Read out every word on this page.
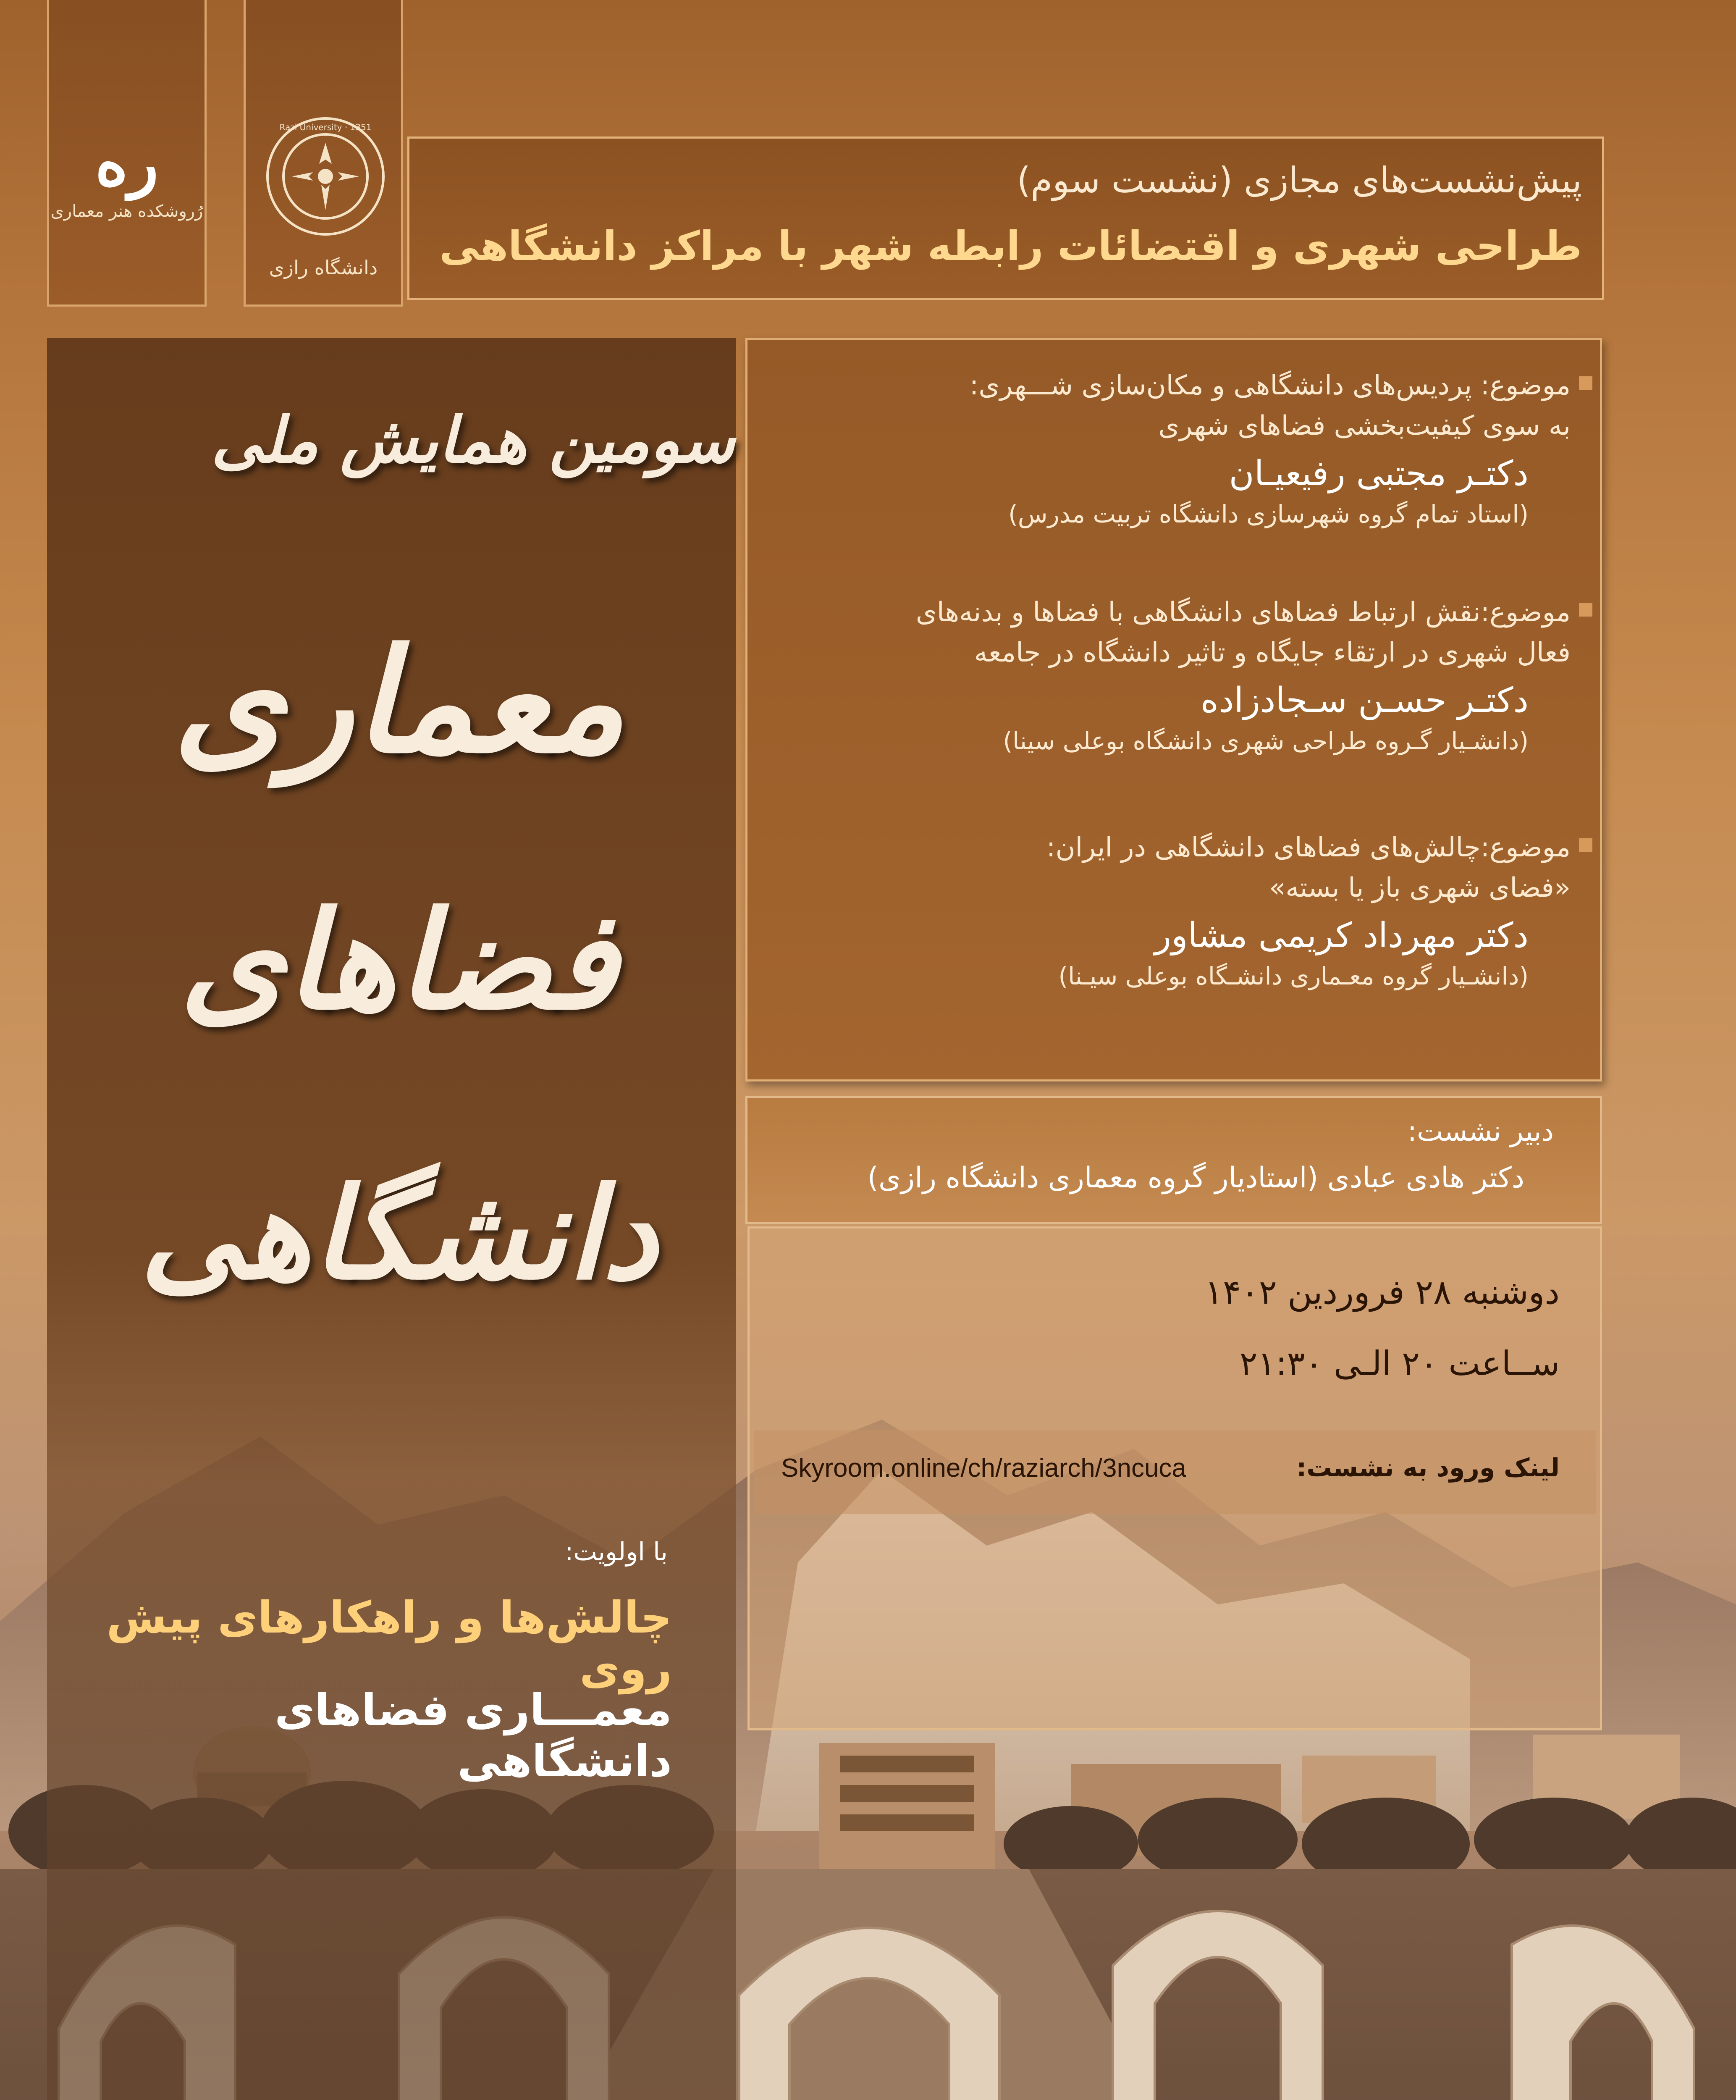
ره
رُروشکده هنر معماری
Razi University · 1351
دانشگاه رازی
پیش‌نشست‌های مجازی (نشست سوم)
طراحی شهری و اقتضائات رابطه شهر با مراکز دانشگاهی
سومین همایش ملی
معماری
فضاهای
دانشگاهی
با اولویت:
چالش‌ها و راهکارهای پیش روی
معمـــاری فضاهای دانشگاهی
موضوع: پردیس‌های دانشگاهی و مکان‌سازی شـــهری:
به سوی کیفیت‌بخشی فضاهای شهری
دکتـر مجتبی رفیعیـان
(استاد تمام گروه شهرسازی دانشگاه تربیت مدرس)
موضوع:نقش ارتباط فضاهای دانشگاهی با فضاها و بدنه‌های
فعال شهری در ارتقاء جایگاه و تاثیر دانشگاه در جامعه
دکتـر حسـن سـجادزاده
(دانشـیار گـروه طراحی شهری دانشگاه بوعلی سینا)
موضوع:چالش‌های فضاهای دانشگاهی در ایران:
«فضای شهری باز یا بسته»
دکتر مهرداد کریمی مشاور
(دانشـیار گروه معـماری دانشـگاه بوعلی سیـنا)
دبیر نشست:
دکتر هادی عبادی (استادیار گروه معماری دانشگاه رازی)
دوشنبه ۲۸ فروردین ۱۴۰۲
ســاعت ۲۰ الـی ۲۱:۳۰
لینک ورود به نشست:
Skyroom.online/ch/raziarch/3ncuca
